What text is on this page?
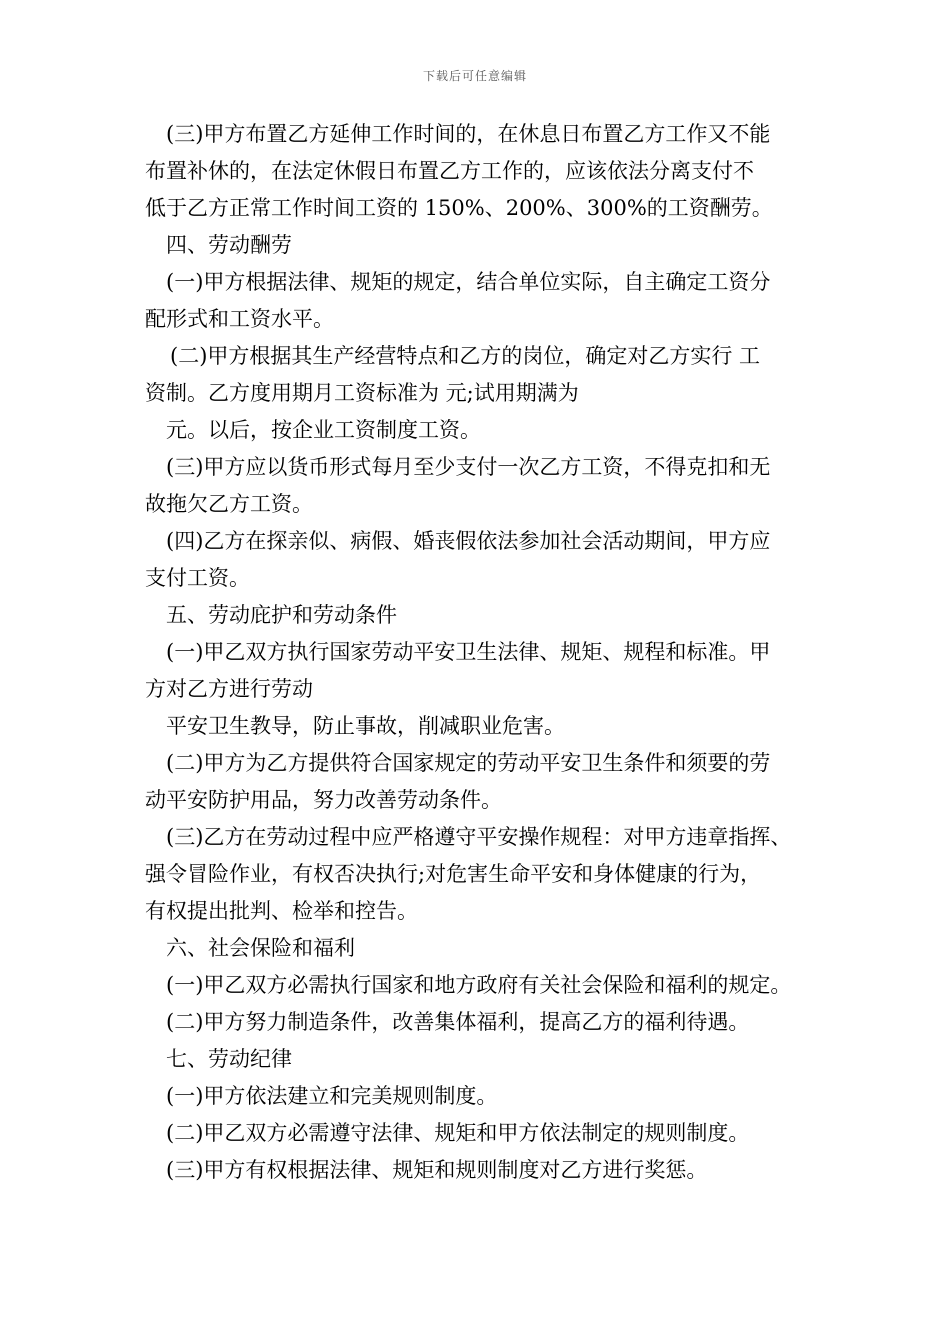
下载后可任意编辑
(三)甲方布置乙方延伸工作时间的，在休息日布置乙方工作又不能
布置补休的，在法定休假日布置乙方工作的，应该依法分离支付不
低于乙方正常工作时间工资的 150%、200%、300%的工资酬劳。
四、劳动酬劳
(一)甲方根据法律、规矩的规定，结合单位实际，自主确定工资分
配形式和工资水平。
(二)甲方根据其生产经营特点和乙方的岗位，确定对乙方实行 工
资制。乙方度用期月工资标准为 元;试用期满为
元。以后，按企业工资制度工资。
(三)甲方应以货币形式每月至少支付一次乙方工资，不得克扣和无
故拖欠乙方工资。
(四)乙方在探亲似、病假、婚丧假依法参加社会活动期间，甲方应
支付工资。
五、劳动庇护和劳动条件
(一)甲乙双方执行国家劳动平安卫生法律、规矩、规程和标准。甲
方对乙方进行劳动
平安卫生教导，防止事故，削减职业危害。
(二)甲方为乙方提供符合国家规定的劳动平安卫生条件和须要的劳
动平安防护用品，努力改善劳动条件。
(三)乙方在劳动过程中应严格遵守平安操作规程：对甲方违章指挥、
强令冒险作业，有权否决执行;对危害生命平安和身体健康的行为，
有权提出批判、检举和控告。
六、社会保险和福利
(一)甲乙双方必需执行国家和地方政府有关社会保险和福利的规定。
(二)甲方努力制造条件，改善集体福利，提高乙方的福利待遇。
七、劳动纪律
(一)甲方依法建立和完美规则制度。
(二)甲乙双方必需遵守法律、规矩和甲方依法制定的规则制度。
(三)甲方有权根据法律、规矩和规则制度对乙方进行奖惩。
